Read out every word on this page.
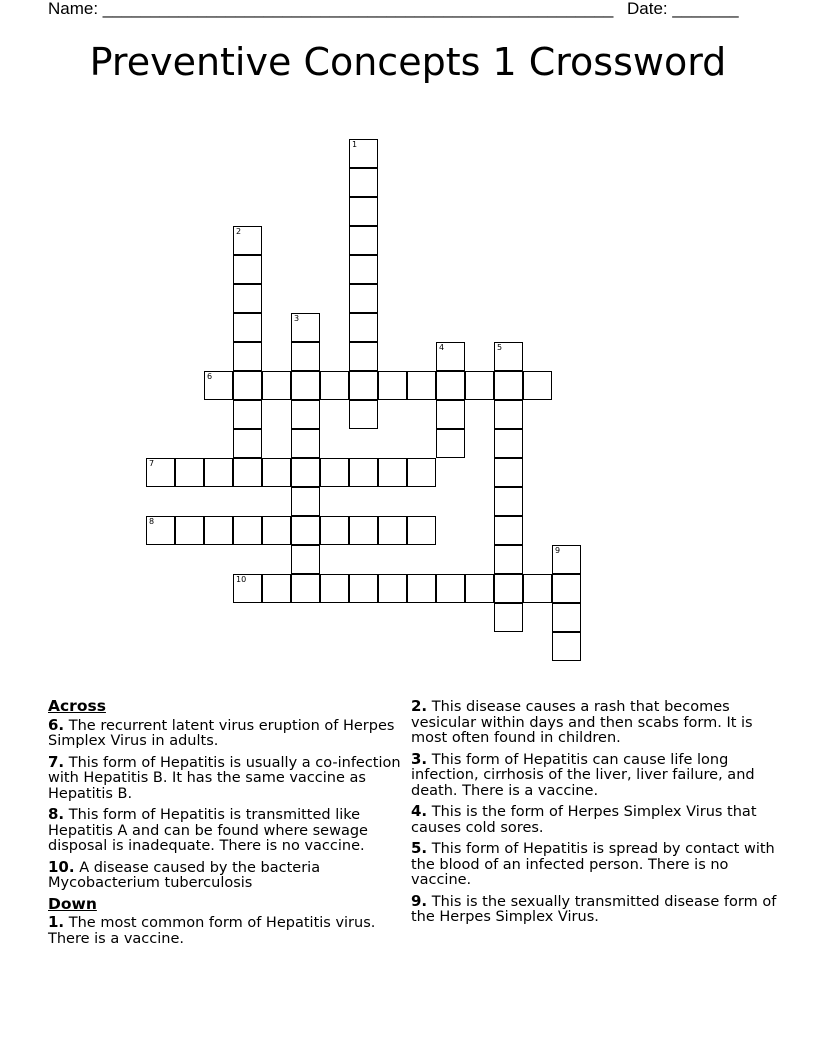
Name: ______________________________________________________ Date: _______
Preventive Concepts 1 Crossword
1
2
3
4	5
6
7
8
9
10
Across
6. The recurrent latent virus eruption of Herpes Simplex Virus in adults.
7. This form of Hepatitis is usually a co-infection with Hepatitis B. It has the same vaccine as Hepatitis B.
8. This form of Hepatitis is transmitted like Hepatitis A and can be found where sewage disposal is inadequate. There is no vaccine.
10. A disease caused by the bacteria Mycobacterium tuberculosis
Down
1. The most common form of Hepatitis virus. There is a vaccine.
2. This disease causes a rash that becomes vesicular within days and then scabs form. It is most often found in children.
3. This form of Hepatitis can cause life long infection, cirrhosis of the liver, liver failure, and death. There is a vaccine.
4. This is the form of Herpes Simplex Virus that causes cold sores.
5. This form of Hepatitis is spread by contact with the blood of an infected person. There is no vaccine.
9. This is the sexually transmitted disease form of the Herpes Simplex Virus.
